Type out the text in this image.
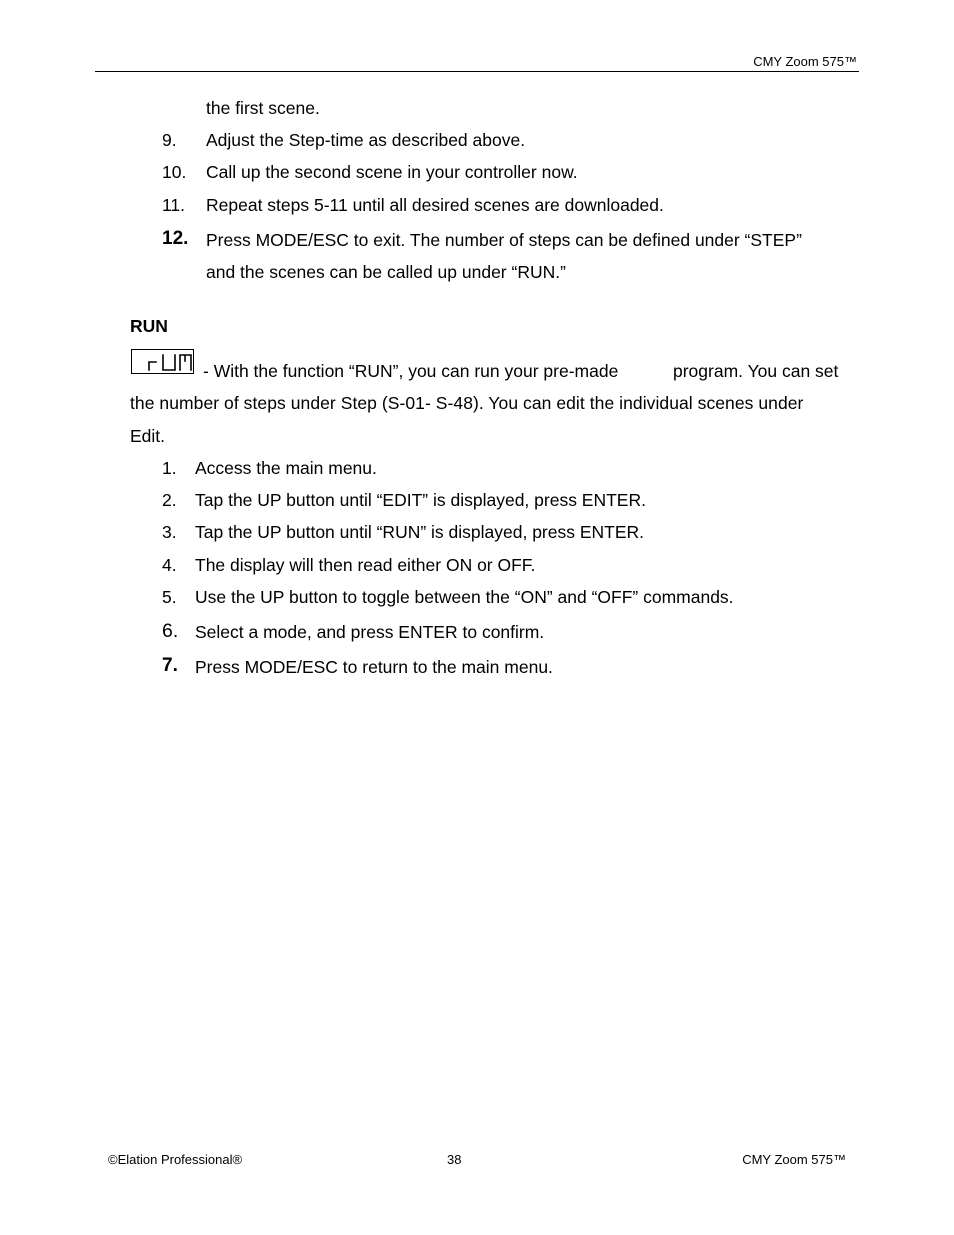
CMY Zoom 575™
the first scene.
9. Adjust the Step-time as described above.
10. Call up the second scene in your controller now.
11. Repeat steps 5-11 until all desired scenes are downloaded.
12. Press MODE/ESC to exit. The number of steps can be defined under “STEP”
and the scenes can be called up under “RUN.”
RUN
- With the function “RUN”, you can run your pre-made	program. You can set
the number of steps under Step (S-01- S-48). You can edit the individual scenes under
Edit.
1. Access the main menu.
2. Tap the UP button until “EDIT” is displayed, press ENTER.
3. Tap the UP button until “RUN” is displayed, press ENTER.
4. The display will then read either ON or OFF.
5. Use the UP button to toggle between the “ON” and “OFF” commands.
6. Select a mode, and press ENTER to confirm.
7. Press MODE/ESC to return to the main menu.
©Elation Professional®	38	CMY Zoom 575™
